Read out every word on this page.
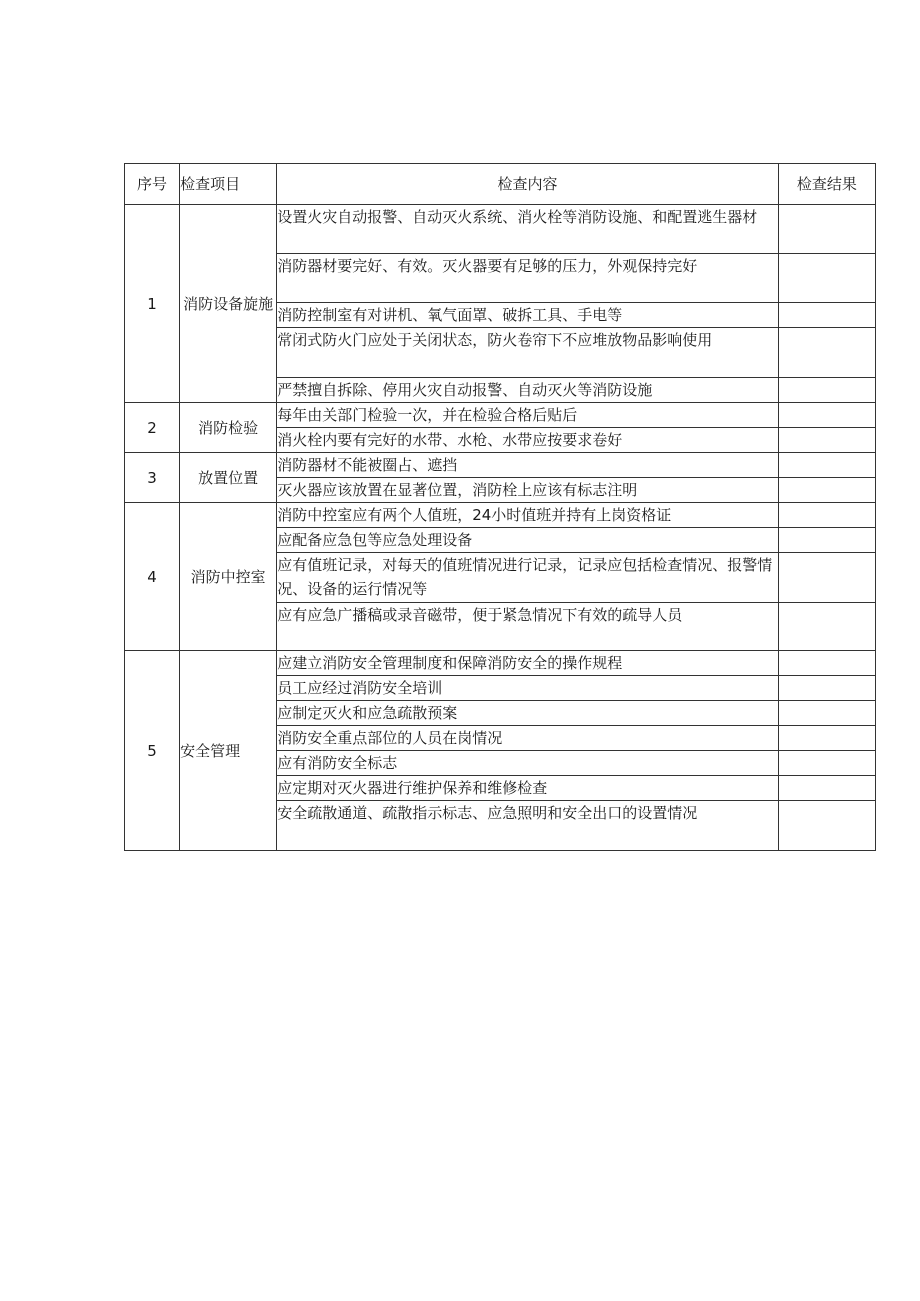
序号	检查项目	检查内容	检查结果
1	消防设备旋施	设置火灾自动报警、自动灭火系统、消火栓等消防设施、和配置逃生器材	
		消防器材要完好、有效。灭火器要有足够的压力，外观保持完好	
		消防控制室有对讲机、氧气面罩、破拆工具、手电等	
		常闭式防火门应处于关闭状态，防火卷帘下不应堆放物品影响使用	
		严禁擅自拆除、停用火灾自动报警、自动灭火等消防设施	
2	消防检验	每年由关部门检验一次，并在检验合格后贴后	
		消火栓内要有完好的水带、水枪、水带应按要求卷好	
3	放置位置	消防器材不能被圈占、遮挡	
		灭火器应该放置在显著位置，消防栓上应该有标志注明	
4	消防中控室	消防中控室应有两个人值班，24小时值班并持有上岗资格证	
		应配备应急包等应急处理设备	
		应有值班记录，对每天的值班情况进行记录，记录应包括检查情况、报警情况、设备的运行情况等	
		应有应急广播稿或录音磁带，便于紧急情况下有效的疏导人员	
5	安全管理	应建立消防安全管理制度和保障消防安全的操作规程	
		员工应经过消防安全培训	
		应制定灭火和应急疏散预案	
		消防安全重点部位的人员在岗情况	
		应有消防安全标志	
		应定期对灭火器进行维护保养和维修检查	
		安全疏散通道、疏散指示标志、应急照明和安全出口的设置情况	
